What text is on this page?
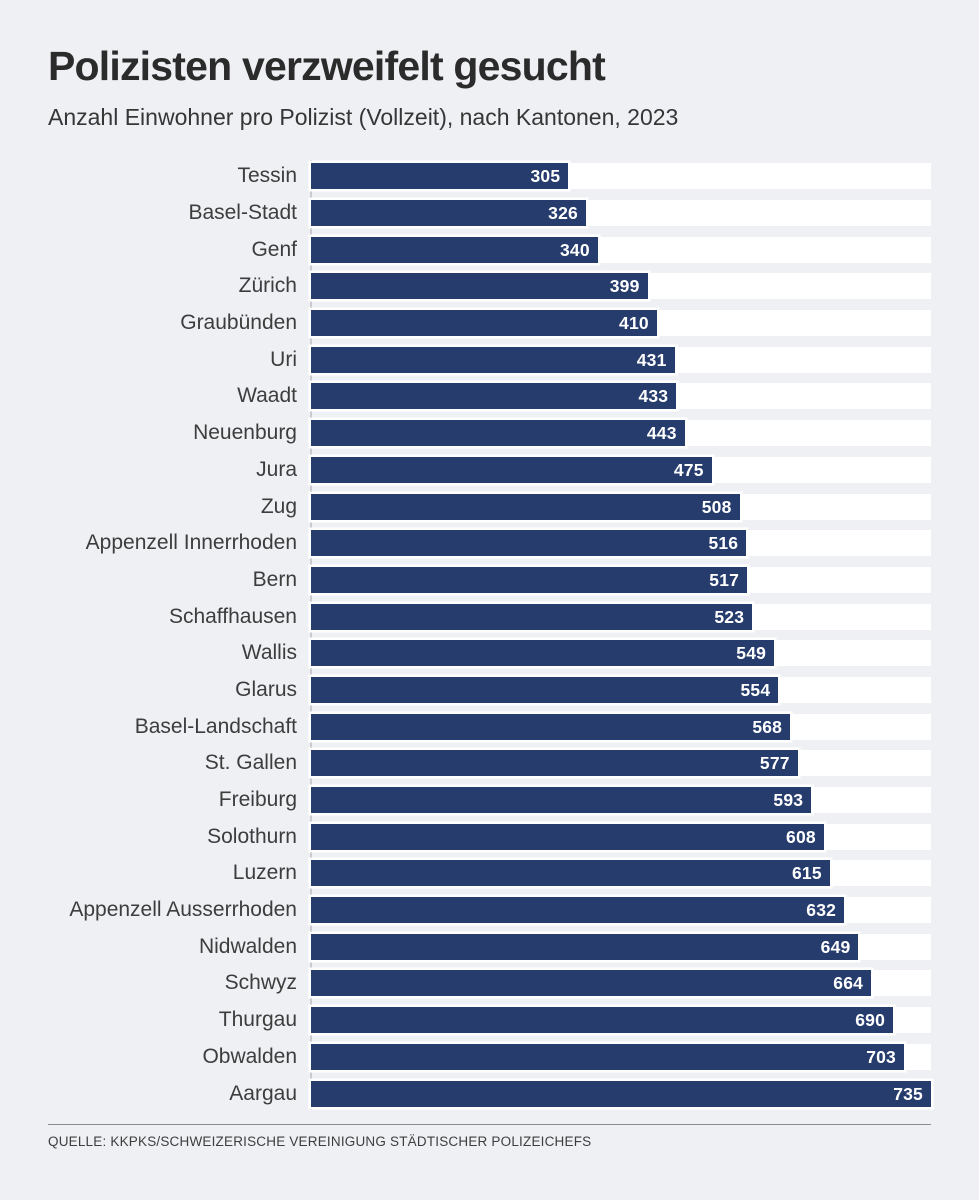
Polizisten verzweifelt gesucht

Anzahl Einwohner pro Polizist (Vollzeit), nach Kantonen, 2023

Tessin	305
Basel-Stadt	326
Genf	340
Zürich	399
Graubünden	410
Uri	431
Waadt	433
Neuenburg	443
Jura	475
Zug	508
Appenzell Innerrhoden	516
Bern	517
Schaffhausen	523
Wallis	549
Glarus	554
Basel-Landschaft	568
St. Gallen	577
Freiburg	593
Solothurn	608
Luzern	615
Appenzell Ausserrhoden	632
Nidwalden	649
Schwyz	664
Thurgau	690
Obwalden	703
Aargau	735
QUELLE: KKPKS/SCHWEIZERISCHE VEREINIGUNG STÄDTISCHER POLIZEICHEFS
